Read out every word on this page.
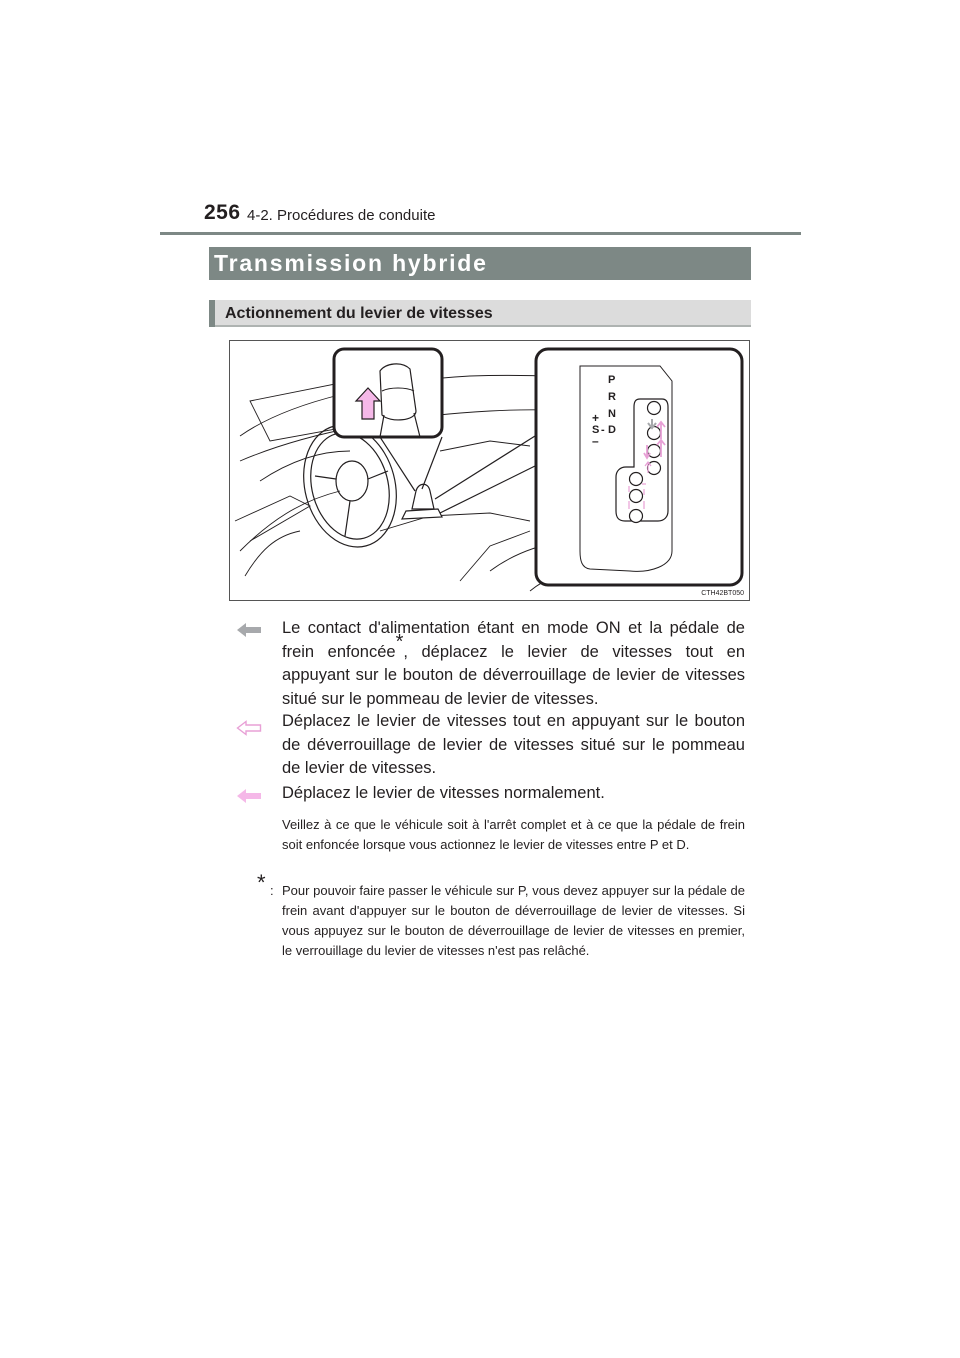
256 4-2. Procédures de conduite
Transmission hybride
Actionnement du levier de vitesses
P
R
N
D
S
+
-
–
CTH42BT050
Le contact d'alimentation étant en mode ON et la pédale de frein enfoncée*, déplacez le levier de vitesses tout en appuyant sur le bouton de déverrouillage de levier de vitesses situé sur le pommeau de levier de vitesses.
Déplacez le levier de vitesses tout en appuyant sur le bouton de déverrouillage de levier de vitesses situé sur le pommeau de levier de vitesses.
Déplacez le levier de vitesses normalement.
Veillez à ce que le véhicule soit à l'arrêt complet et à ce que la pédale de frein soit enfoncée lorsque vous actionnez le levier de vitesses entre P et D.
* : Pour pouvoir faire passer le véhicule sur P, vous devez appuyer sur la pédale de frein avant d'appuyer sur le bouton de déverrouillage de levier de vitesses. Si vous appuyez sur le bouton de déverrouillage de levier de vitesses en premier, le verrouillage du levier de vitesses n'est pas relâché.
